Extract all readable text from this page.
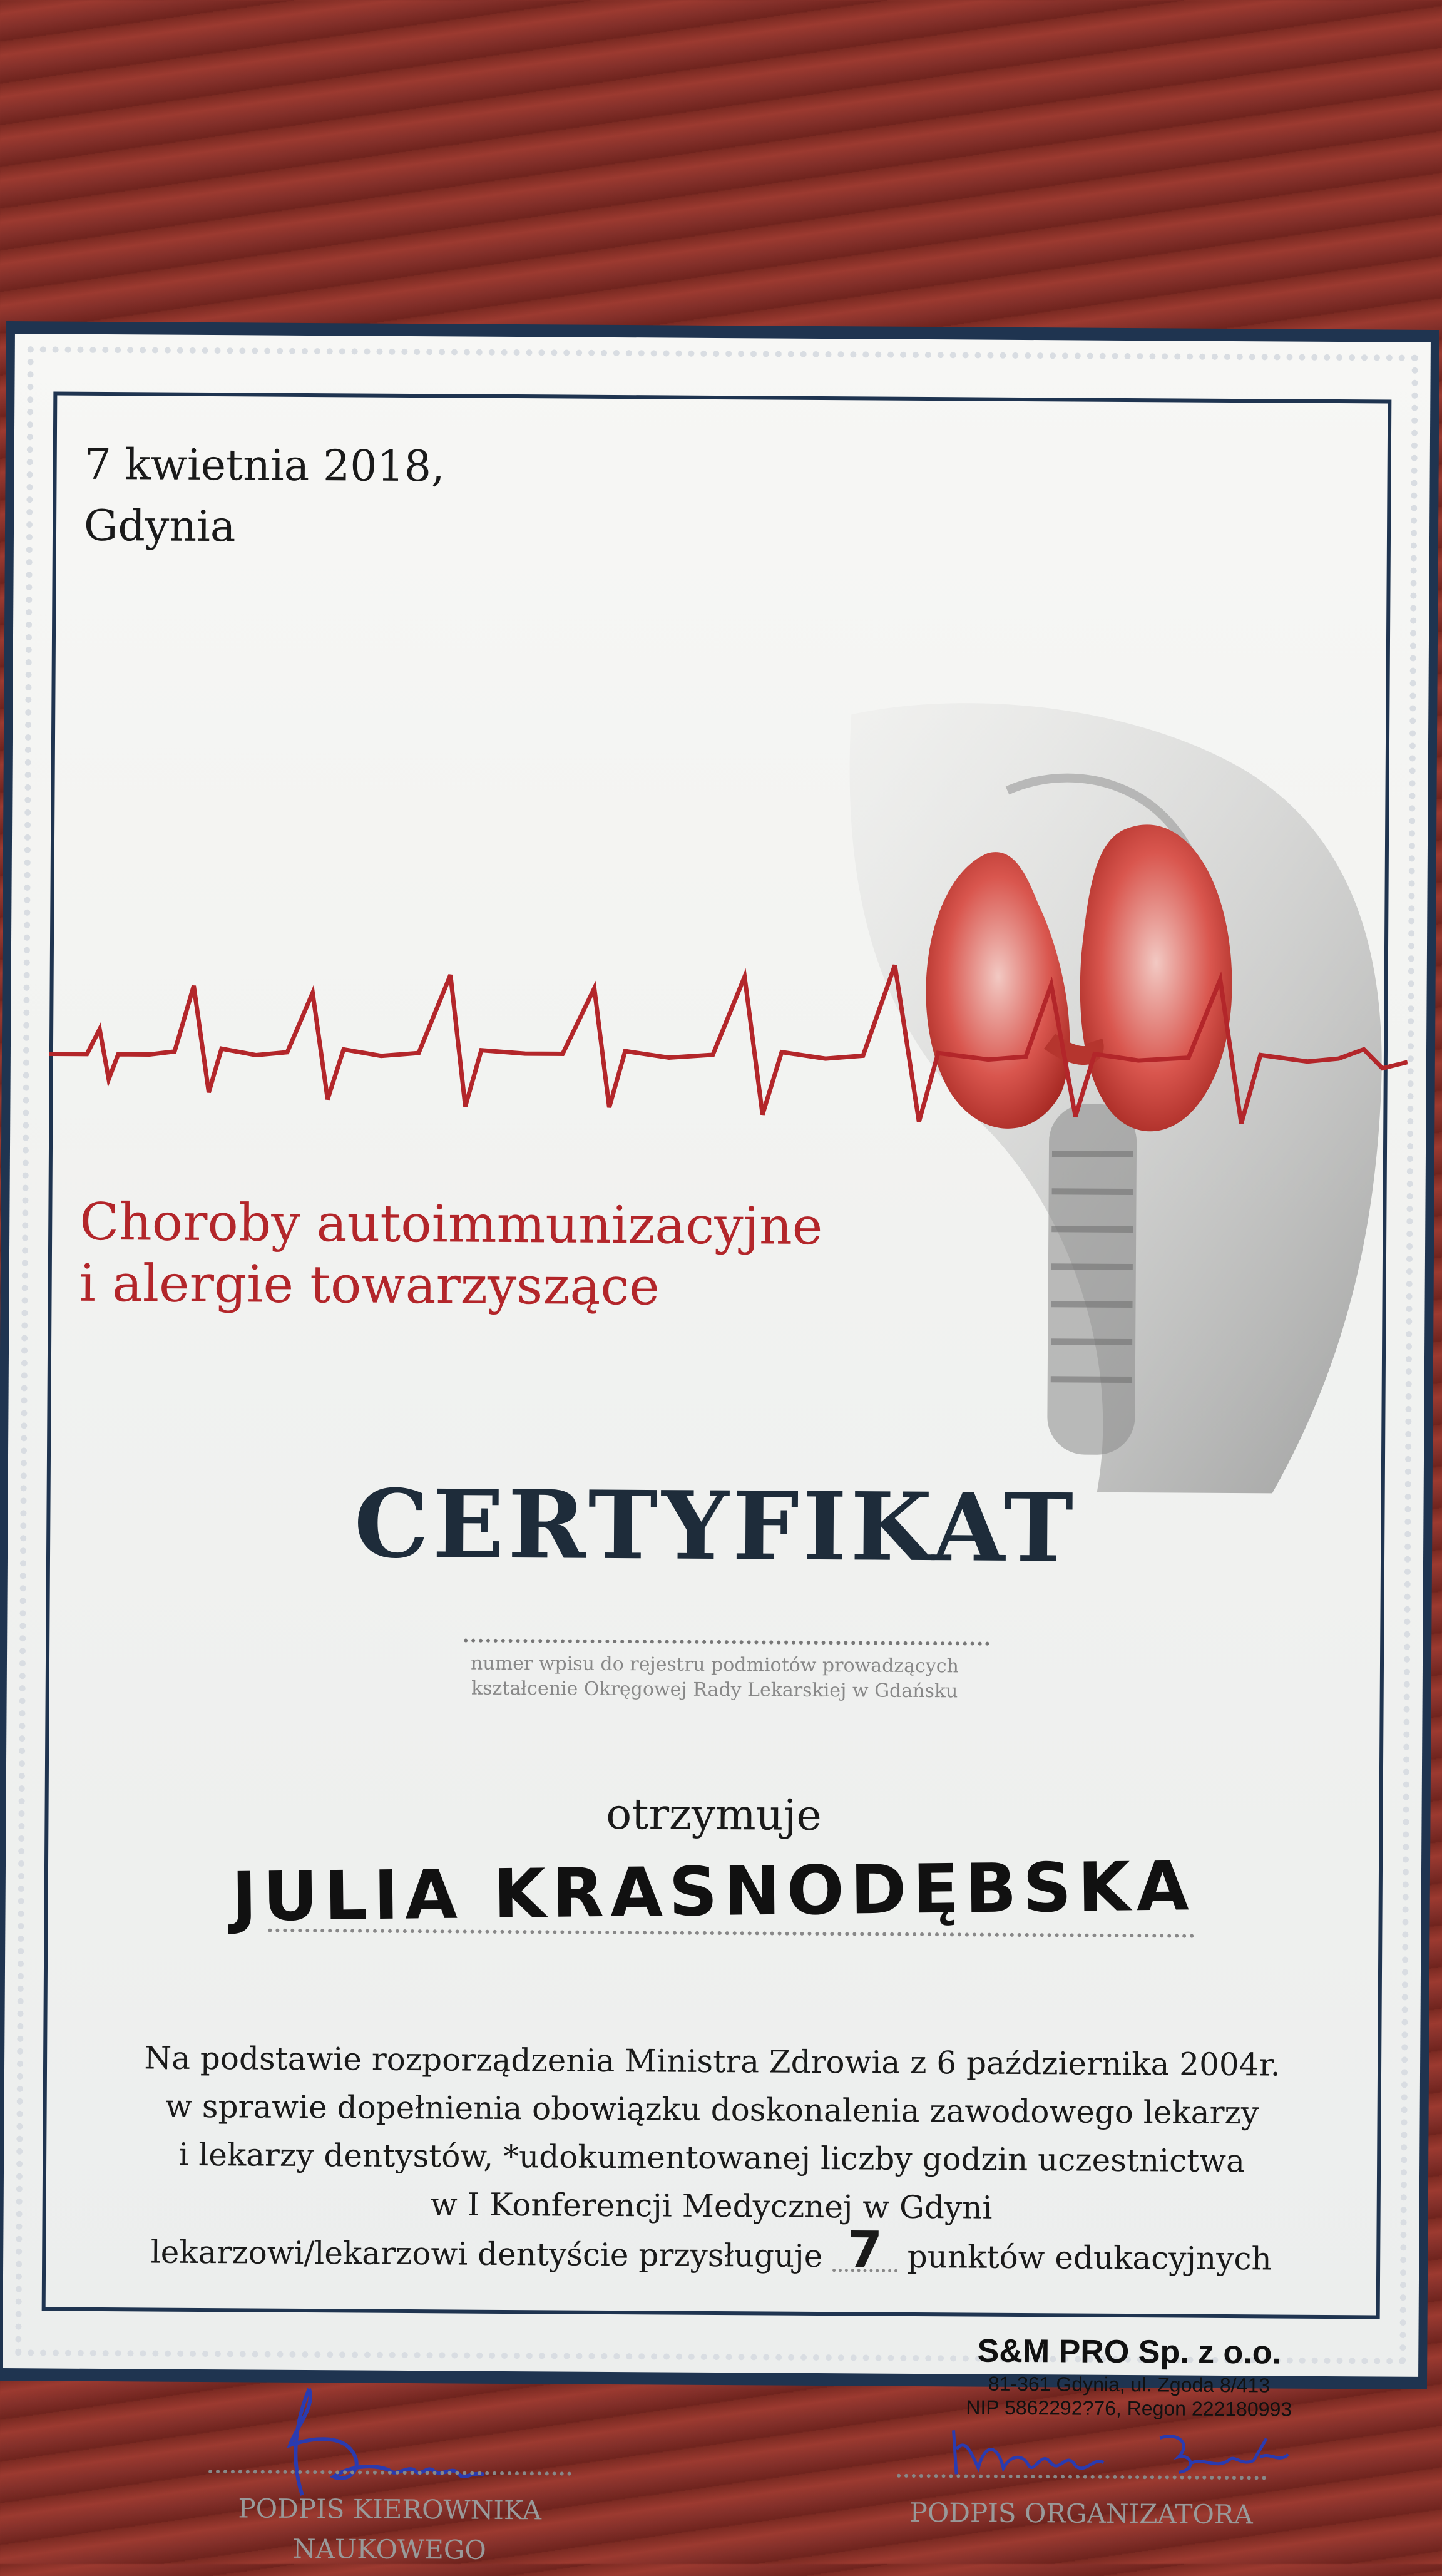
7 kwietnia 2018,
Gdynia
Choroby autoimmunizacyjne
i alergie towarzyszące
CERTYFIKAT
numer wpisu do rejestru podmiotów prowadzących
kształcenie Okręgowej Rady Lekarskiej w Gdańsku
otrzymuje
JULIA KRASNODĘBSKA
Na podstawie rozporządzenia Ministra Zdrowia z 6 października 2004r.
w sprawie dopełnienia obowiązku doskonalenia zawodowego lekarzy
i lekarzy dentystów, *udokumentowanej liczby godzin uczestnictwa
w I Konferencji Medycznej w Gdyni
lekarzowi/lekarzowi dentyście przysługuje 7 punktów edukacyjnych
S&M PRO Sp. z o.o.
81-361 Gdynia, ul. Zgoda 8/413
NIP 5862292?76, Regon 222180993
PODPIS KIEROWNIKA
NAUKOWEGO
PODPIS ORGANIZATORA
